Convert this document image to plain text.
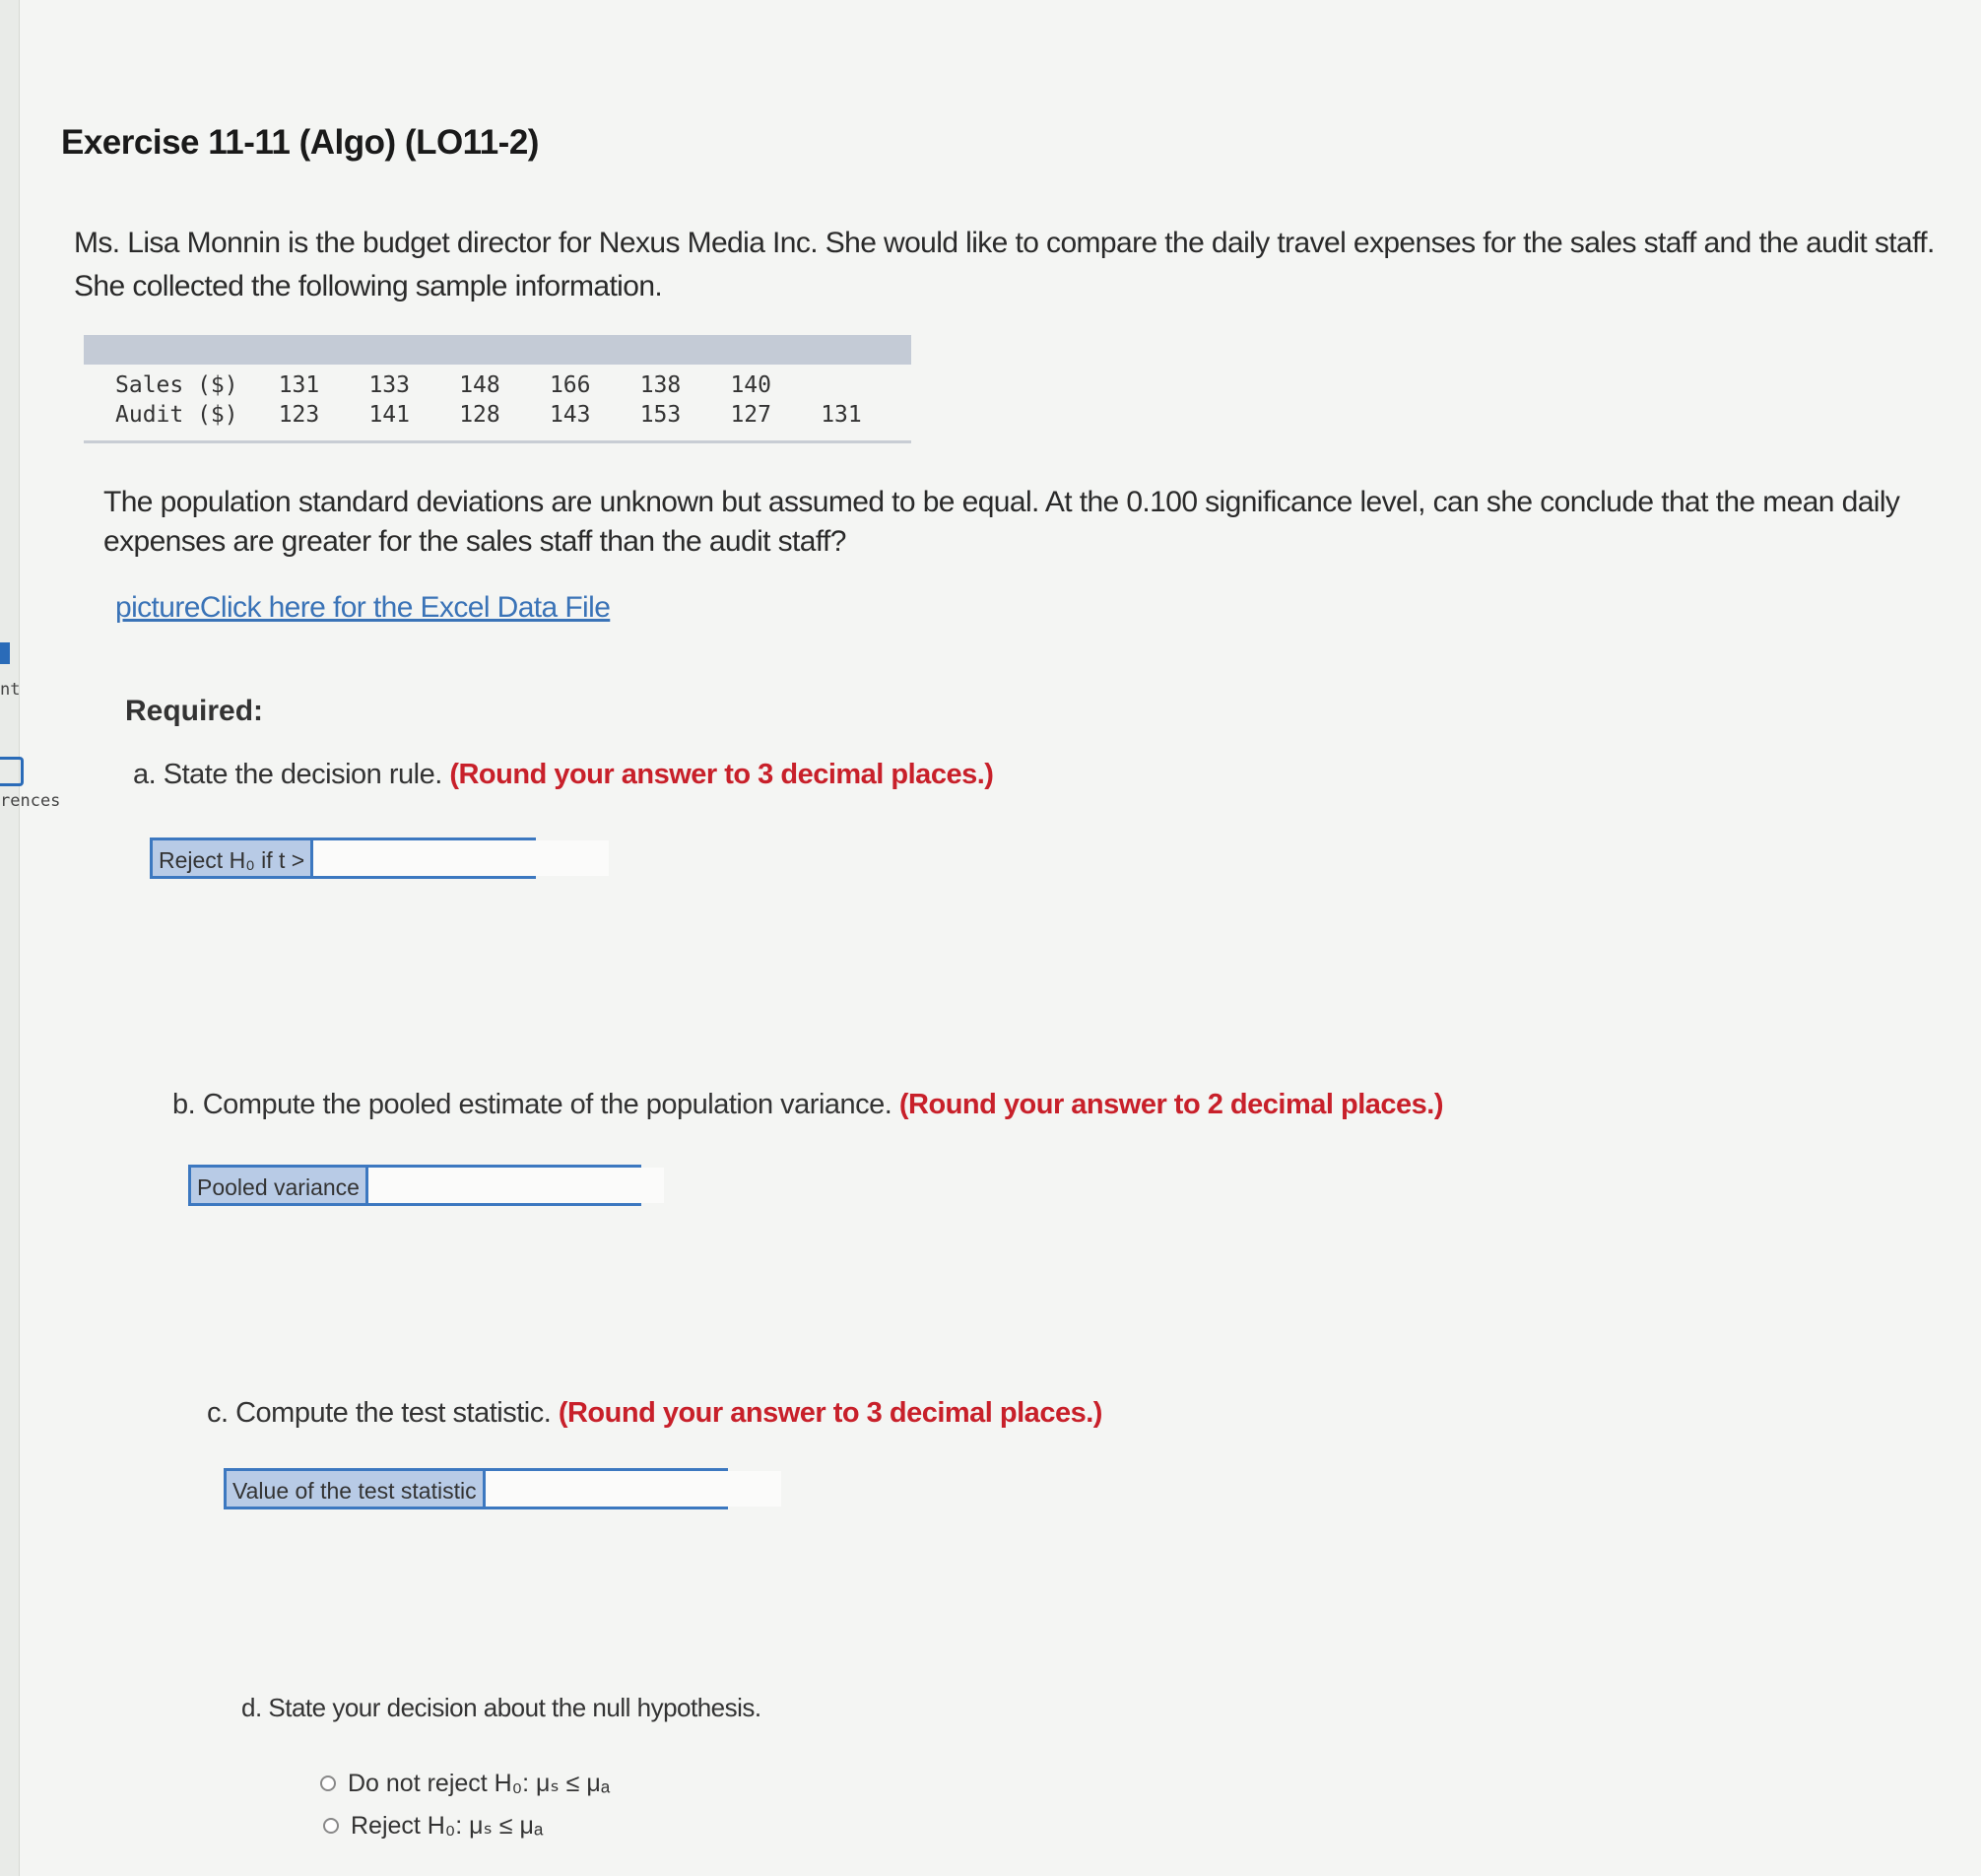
nt
rences
Exercise 11-11 (Algo) (LO11-2)

Ms. Lisa Monnin is the budget director for Nexus Media Inc. She would like to compare the daily travel expenses for the sales staff and the audit staff. She collected the following sample information.

Sales ($)	131	133	148	166	138	140	
Audit ($)	123	141	128	143	153	127	131

The population standard deviations are unknown but assumed to be equal. At the 0.100 significance level, can she conclude that the mean daily expenses are greater for the sales staff than the audit staff?

pictureClick here for the Excel Data File
Required:
a. State the decision rule. (Round your answer to 3 decimal places.)
Reject H₀ if t >
b. Compute the pooled estimate of the population variance. (Round your answer to 2 decimal places.)
Pooled variance
c. Compute the test statistic. (Round your answer to 3 decimal places.)
Value of the test statistic
d. State your decision about the null hypothesis.
Do not reject H₀: μₛ ≤ μₐ
Reject H₀: μₛ ≤ μₐ
